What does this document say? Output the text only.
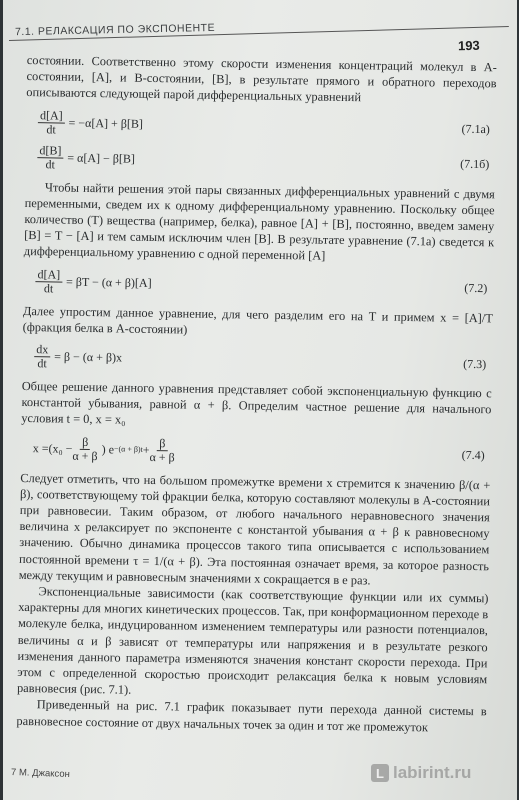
7.1. РЕЛАКСАЦИЯ ПО ЭКСПОНЕНТЕ
193

состоянии. Соответственно этому скорости изменения концентраций молекул в А-состоянии, [A], и В-состоянии, [B], в результате прямого и обратного переходов описываются следующей парой дифференциальных уравнений

$\frac{d[A]}{dt} = -\alpha[A] + \beta[B]$	(7.1а)
$\frac{d[B]}{dt} = \alpha[A] - \beta[B]$	(7.1б)

Чтобы найти решения этой пары связанных дифференциальных уравнений с двумя переменными, сведем их к одному дифференциальному уравнению. Поскольку общее количество (T) вещества (например, белка), равное [A] + [B], постоянно, введем замену [B] = T − [A] и тем самым исключим член [B]. В результате уравнение (7.1а) сведется к дифференциальному уравнению с одной переменной [A]

$\frac{d[A]}{dt} = \beta T - (\alpha + \beta)[A]$	(7.2)

Далее упростим данное уравнение, для чего разделим его на T и примем x = [A]/T (фракция белка в А-состоянии)

$\frac{dx}{dt} = \beta - (\alpha + \beta)x$	(7.3)

Общее решение данного уравнения представляет собой экспоненциальную функцию с константой убывания, равной α + β. Определим частное решение для начального условия t = 0, x = x₀

$x = (x_0 - \frac{\beta}{\alpha + \beta}$ ) $e -(\alpha + \beta)t + \frac{\beta}{\alpha + \beta}$	(7.4)

Следует отметить, что на большом промежутке времени x стремится к значению β/(α + β), соответствующему той фракции белка, которую составляют молекулы в А-состоянии при равновесии. Таким образом, от любого начального неравновесного значения величина x релаксирует по экспоненте с константой убывания α + β к равновесному значению. Обычно динамика процессов такого типа описывается с использованием постоянной времени τ = 1/(α + β). Эта постоянная означает время, за которое разность между текущим и равновесным значениями x сокращается в e раз.

Экспоненциальные зависимости (как соответствующие функции или их суммы) характерны для многих кинетических процессов. Так, при конформационном переходе в молекуле белка, индуцированном изменением температуры или разности потенциалов, величины α и β зависят от температуры или напряжения и в результате резкого изменения данного параметра изменяются значения констант скорости перехода. При этом с определенной скоростью происходит релаксация белка к новым условиям равновесия (рис. 7.1).

Приведенный на рис. 7.1 график показывает пути перехода данной системы в равновесное состояние от двух начальных точек за один и тот же промежуток

7 М. Джаксон	L labirint.ru
